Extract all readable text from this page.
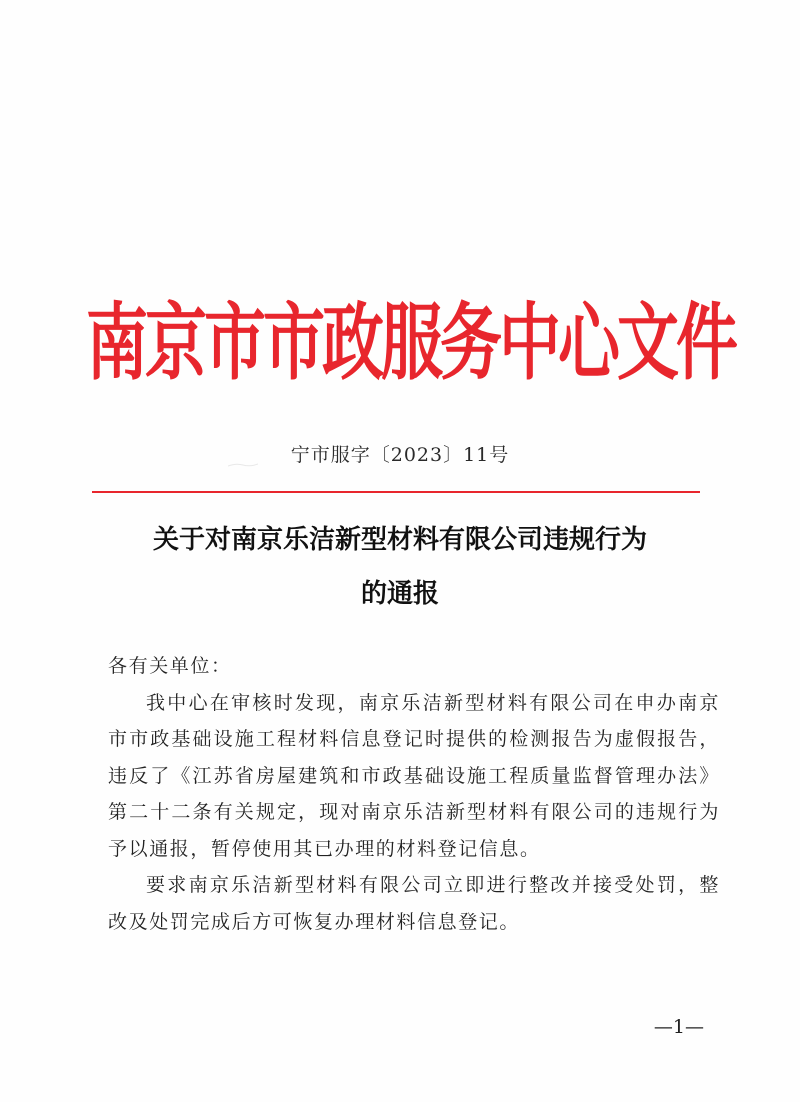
南京市市政服务中心文件
宁市服字〔2023〕11号
关于对南京乐洁新型材料有限公司违规行为
的通报

各有关单位：

我中心在审核时发现，南京乐洁新型材料有限公司在申办南京市市政基础设施工程材料信息登记时提供的检测报告为虚假报告，违反了《江苏省房屋建筑和市政基础设施工程质量监督管理办法》第二十二条有关规定，现对南京乐洁新型材料有限公司的违规行为予以通报，暂停使用其已办理的材料登记信息。

要求南京乐洁新型材料有限公司立即进行整改并接受处罚，整改及处罚完成后方可恢复办理材料信息登记。

—1—
